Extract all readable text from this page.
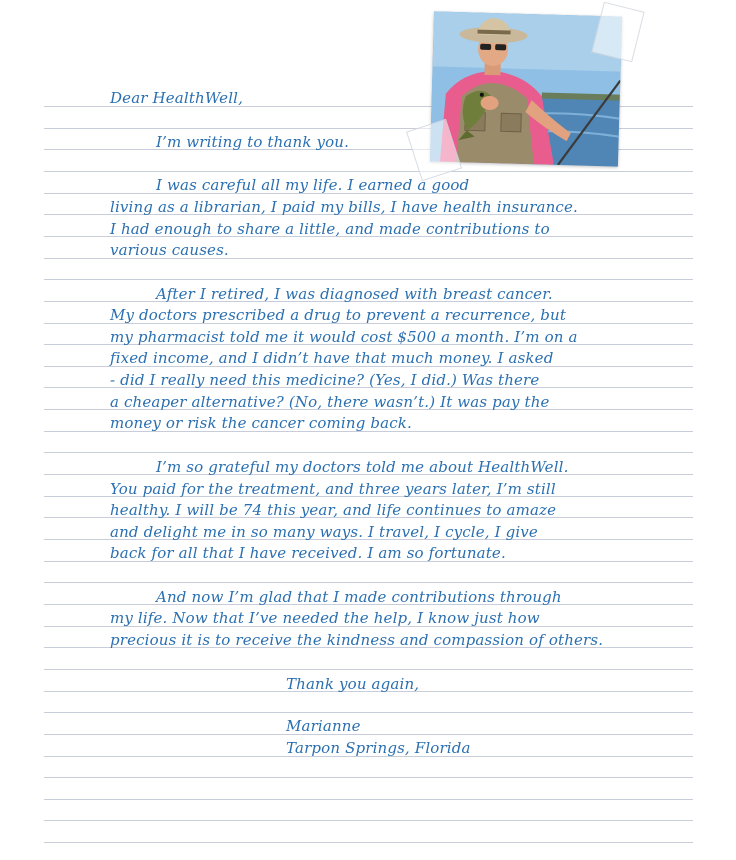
Dear HealthWell,
I’m writing to thank you.
I was careful all my life. I earned a good
living as a librarian, I paid my bills, I have health insurance.
I had enough to share a little, and made contributions to
various causes.
After I retired, I was diagnosed with breast cancer.
My doctors prescribed a drug to prevent a recurrence, but
my pharmacist told me it would cost $500 a month. I’m on a
fixed income, and I didn’t have that much money. I asked
- did I really need this medicine? (Yes, I did.) Was there
a cheaper alternative? (No, there wasn’t.) It was pay the
money or risk the cancer coming back.
I’m so grateful my doctors told me about HealthWell.
You paid for the treatment, and three years later, I’m still
healthy. I will be 74 this year, and life continues to amaze
and delight me in so many ways. I travel, I cycle, I give
back for all that I have received. I am so fortunate.
And now I’m glad that I made contributions through
my life. Now that I’ve needed the help, I know just how
precious it is to receive the kindness and compassion of others.
Thank you again,
Marianne
Tarpon Springs, Florida
